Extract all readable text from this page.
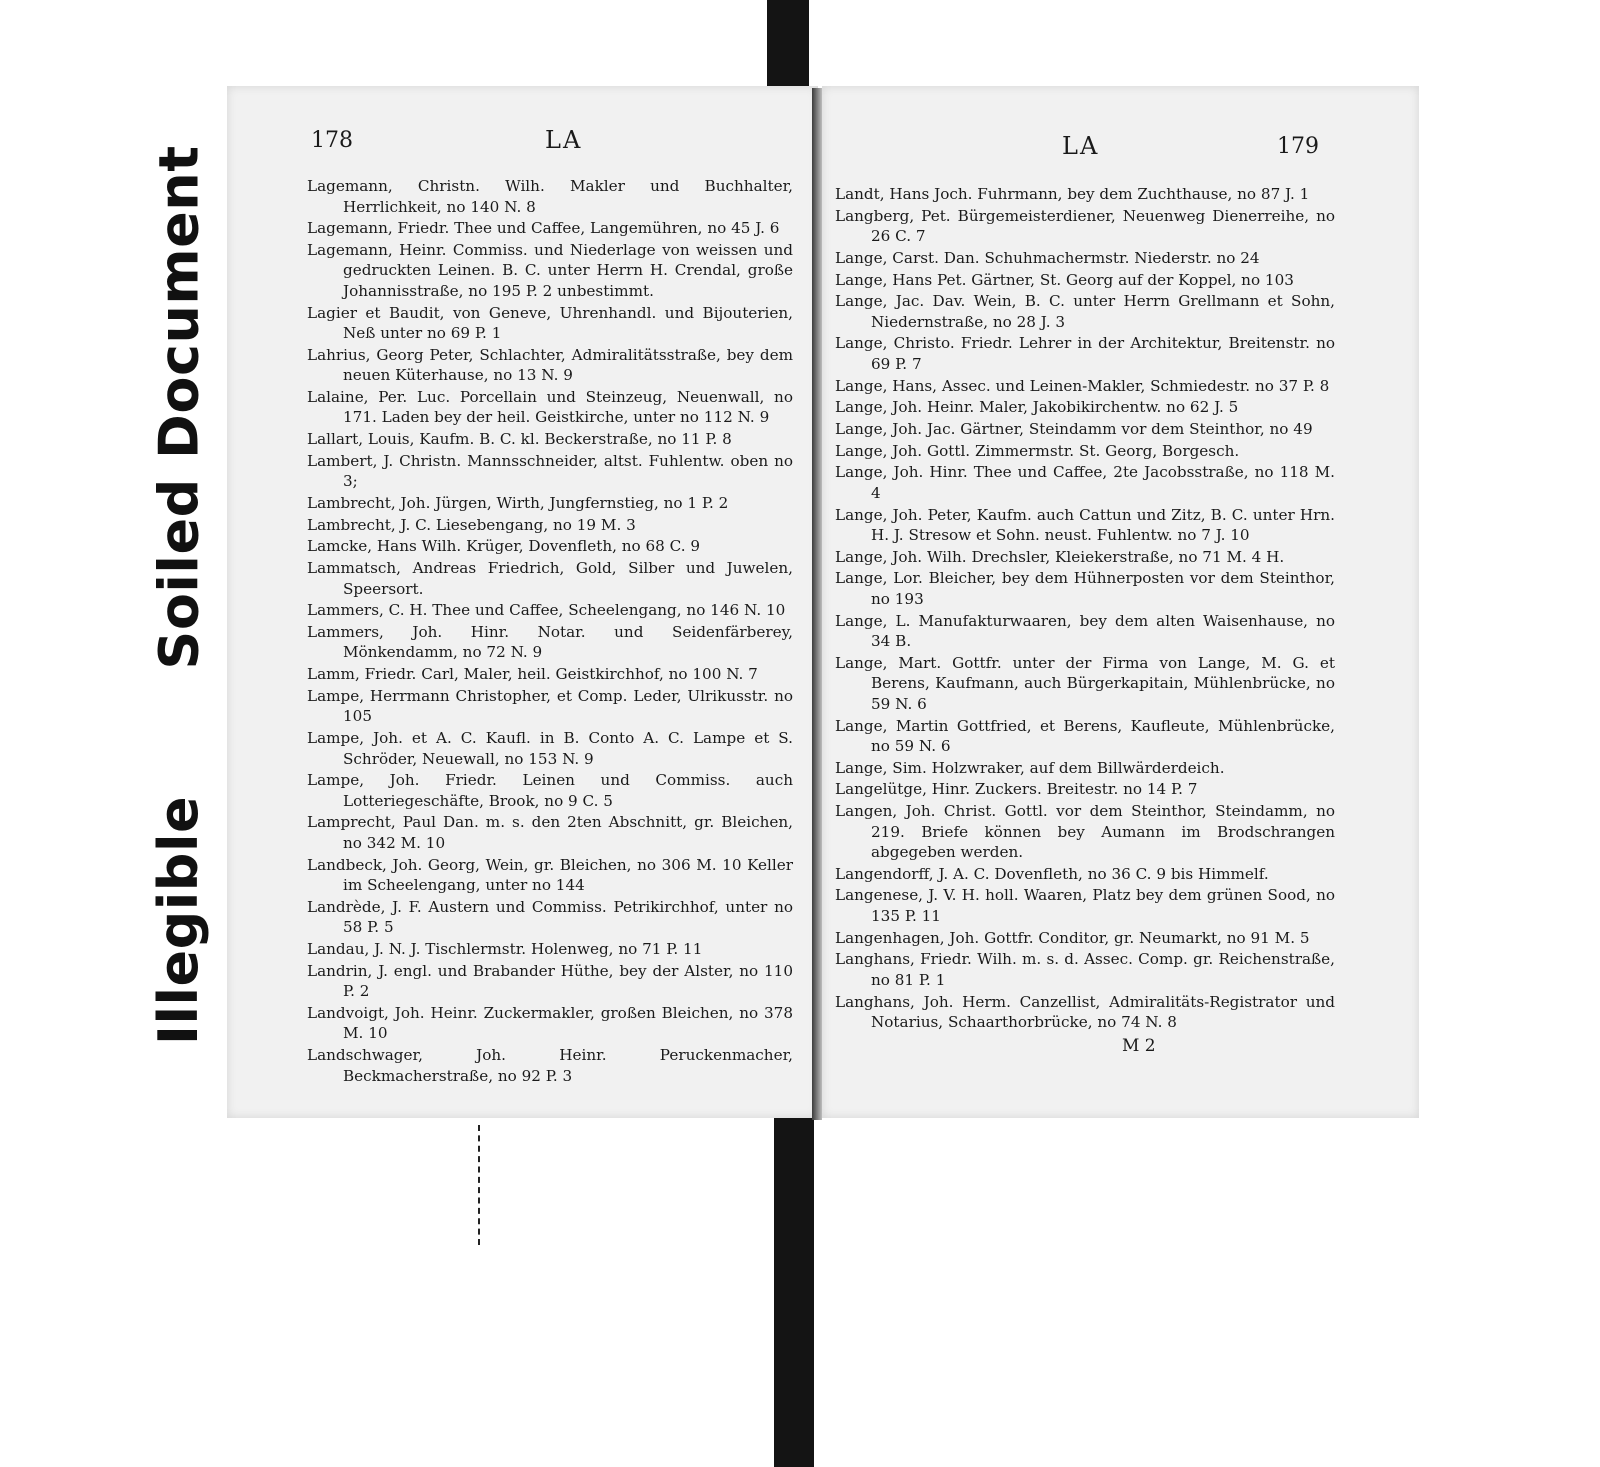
Soiled Document
Illegible
178	LA

Lagemann, Christn. Wilh. Makler und Buchhalter, Herrlichkeit, no 140 N. 8

Lagemann, Friedr. Thee und Caffee, Langemühren, no 45 J. 6

Lagemann, Heinr. Commiss. und Niederlage von weissen und gedruckten Leinen. B. C. unter Herrn H. Crendal, große Johannisstraße, no 195 P. 2 unbestimmt.

Lagier et Baudit, von Geneve, Uhrenhandl. und Bijouterien, Neß unter no 69 P. 1

Lahrius, Georg Peter, Schlachter, Admiralitätsstraße, bey dem neuen Küterhause, no 13 N. 9

Lalaine, Per. Luc. Porcellain und Steinzeug, Neuenwall, no 171. Laden bey der heil. Geistkirche, unter no 112 N. 9

Lallart, Louis, Kaufm. B. C. kl. Beckerstraße, no 11 P. 8

Lambert, J. Christn. Mannsschneider, altst. Fuhlentw. oben no 3;

Lambrecht, Joh. Jürgen, Wirth, Jungfernstieg, no 1 P. 2

Lambrecht, J. C. Liesebengang, no 19 M. 3

Lamcke, Hans Wilh. Krüger, Dovenfleth, no 68 C. 9

Lammatsch, Andreas Friedrich, Gold, Silber und Juwelen, Speersort.

Lammers, C. H. Thee und Caffee, Scheelengang, no 146 N. 10

Lammers, Joh. Hinr. Notar. und Seidenfärberey, Mönkendamm, no 72 N. 9

Lamm, Friedr. Carl, Maler, heil. Geistkirchhof, no 100 N. 7

Lampe, Herrmann Christopher, et Comp. Leder, Ulrikusstr. no 105

Lampe, Joh. et A. C. Kaufl. in B. Conto A. C. Lampe et S. Schröder, Neuewall, no 153 N. 9

Lampe, Joh. Friedr. Leinen und Commiss. auch Lotteriegeschäfte, Brook, no 9 C. 5

Lamprecht, Paul Dan. m. s. den 2ten Abschnitt, gr. Bleichen, no 342 M. 10

Landbeck, Joh. Georg, Wein, gr. Bleichen, no 306 M. 10 Keller im Scheelengang, unter no 144

Landrède, J. F. Austern und Commiss. Petrikirchhof, unter no 58 P. 5

Landau, J. N. J. Tischlermstr. Holenweg, no 71 P. 11

Landrin, J. engl. und Brabander Hüthe, bey der Alster, no 110 P. 2

Landvoigt, Joh. Heinr. Zuckermakler, großen Bleichen, no 378 M. 10

Landschwager, Joh. Heinr. Peruckenmacher, Beckmacherstraße, no 92 P. 3

179
LA

Landt, Hans Joch. Fuhrmann, bey dem Zuchthause, no 87 J. 1

Langberg, Pet. Bürgemeisterdiener, Neuenweg Dienerreihe, no 26 C. 7

Lange, Carst. Dan. Schuhmachermstr. Niederstr. no 24

Lange, Hans Pet. Gärtner, St. Georg auf der Koppel, no 103

Lange, Jac. Dav. Wein, B. C. unter Herrn Grellmann et Sohn, Niedernstraße, no 28 J. 3

Lange, Christo. Friedr. Lehrer in der Architektur, Breitenstr. no 69 P. 7

Lange, Hans, Assec. und Leinen-Makler, Schmiedestr. no 37 P. 8

Lange, Joh. Heinr. Maler, Jakobikirchentw. no 62 J. 5

Lange, Joh. Jac. Gärtner, Steindamm vor dem Steinthor, no 49

Lange, Joh. Gottl. Zimmermstr. St. Georg, Borgesch.

Lange, Joh. Hinr. Thee und Caffee, 2te Jacobsstraße, no 118 M. 4

Lange, Joh. Peter, Kaufm. auch Cattun und Zitz, B. C. unter Hrn. H. J. Stresow et Sohn. neust. Fuhlentw. no 7 J. 10

Lange, Joh. Wilh. Drechsler, Kleiekerstraße, no 71 M. 4 H.

Lange, Lor. Bleicher, bey dem Hühnerposten vor dem Steinthor, no 193

Lange, L. Manufakturwaaren, bey dem alten Waisenhause, no 34 B.

Lange, Mart. Gottfr. unter der Firma von Lange, M. G. et Berens, Kaufmann, auch Bürgerkapitain, Mühlenbrücke, no 59 N. 6

Lange, Martin Gottfried, et Berens, Kaufleute, Mühlenbrücke, no 59 N. 6

Lange, Sim. Holzwraker, auf dem Billwärderdeich.

Langelütge, Hinr. Zuckers. Breitestr. no 14 P. 7

Langen, Joh. Christ. Gottl. vor dem Steinthor, Steindamm, no 219. Briefe können bey Aumann im Brodschrangen abgegeben werden.

Langendorff, J. A. C. Dovenfleth, no 36 C. 9 bis Himmelf.

Langenese, J. V. H. holl. Waaren, Platz bey dem grünen Sood, no 135 P. 11

Langenhagen, Joh. Gottfr. Conditor, gr. Neumarkt, no 91 M. 5

Langhans, Friedr. Wilh. m. s. d. Assec. Comp. gr. Reichenstraße, no 81 P. 1

Langhans, Joh. Herm. Canzellist, Admiralitäts-Registrator und Notarius, Schaarthorbrücke, no 74 N. 8

M 2
